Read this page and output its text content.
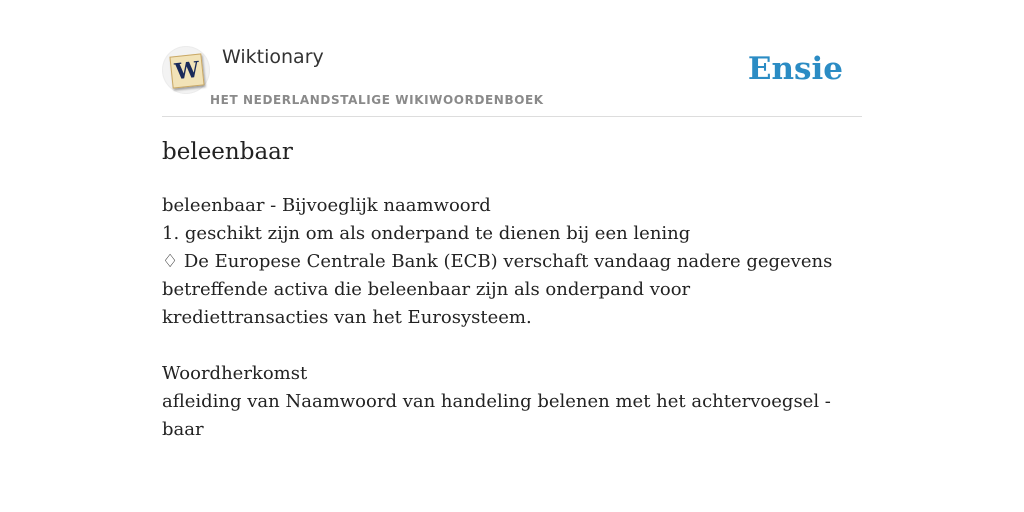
W Wiktionary
HET NEDERLANDSTALIGE WIKIWOORDENBOEK
Ensie
beleenbaar

beleenbaar - Bijvoeglijk naamwoord

1. geschikt zijn om als onderpand te dienen bij een lening

♢ De Europese Centrale Bank (ECB) verschaft vandaag nadere gegevens betreffende activa die beleenbaar zijn als onderpand voor krediettransacties van het Eurosysteem.

Woordherkomst

afleiding van Naamwoord van handeling belenen met het achtervoegsel -baar
